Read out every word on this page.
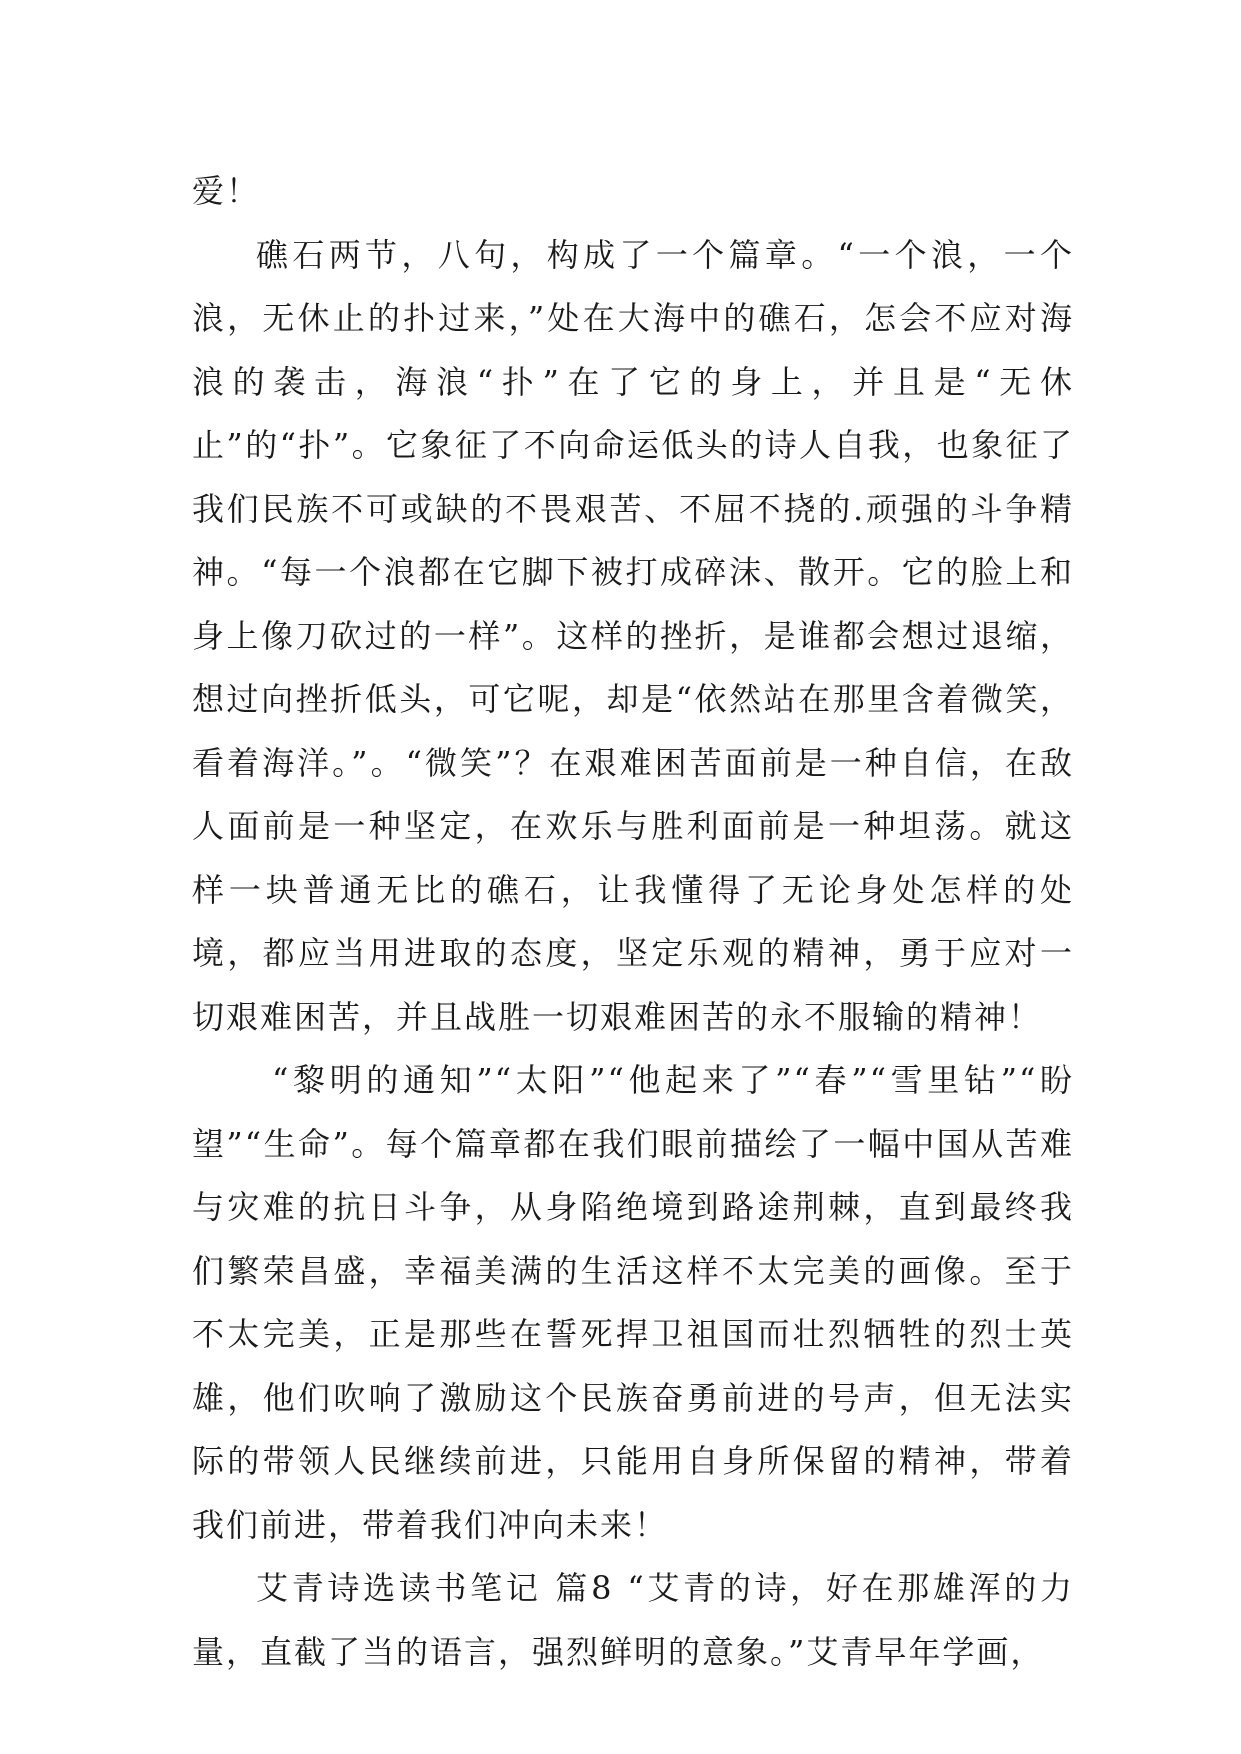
爱！

礁石两节，八句，构成了一个篇章。“一个浪，一个浪，无休止的扑过来，”处在大海中的礁石，怎会不应对海浪的袭击，海浪“扑”在了它的身上，并且是“无休止”的“扑”。它象征了不向命运低头的诗人自我，也象征了我们民族不可或缺的不畏艰苦、不屈不挠的.顽强的斗争精神。“每一个浪都在它脚下被打成碎沫、散开。它的脸上和身上像刀砍过的一样”。这样的挫折，是谁都会想过退缩，想过向挫折低头，可它呢，却是“依然站在那里含着微笑，看着海洋。”。“微笑”？在艰难困苦面前是一种自信，在敌人面前是一种坚定，在欢乐与胜利面前是一种坦荡。就这样一块普通无比的礁石，让我懂得了无论身处怎样的处境，都应当用进取的态度，坚定乐观的精神，勇于应对一切艰难困苦，并且战胜一切艰难困苦的永不服输的精神！

“黎明的通知”“太阳”“他起来了”“春”“雪里钻”“盼望”“生命”。每个篇章都在我们眼前描绘了一幅中国从苦难与灾难的抗日斗争，从身陷绝境到路途荆棘，直到最终我们繁荣昌盛，幸福美满的生活这样不太完美的画像。至于不太完美，正是那些在誓死捍卫祖国而壮烈牺牲的烈士英雄，他们吹响了激励这个民族奋勇前进的号声，但无法实际的带领人民继续前进，只能用自身所保留的精神，带着我们前进，带着我们冲向未来！

艾青诗选读书笔记 篇8 “艾青的诗，好在那雄浑的力量，直截了当的语言，强烈鲜明的意象。”艾青早年学画，
